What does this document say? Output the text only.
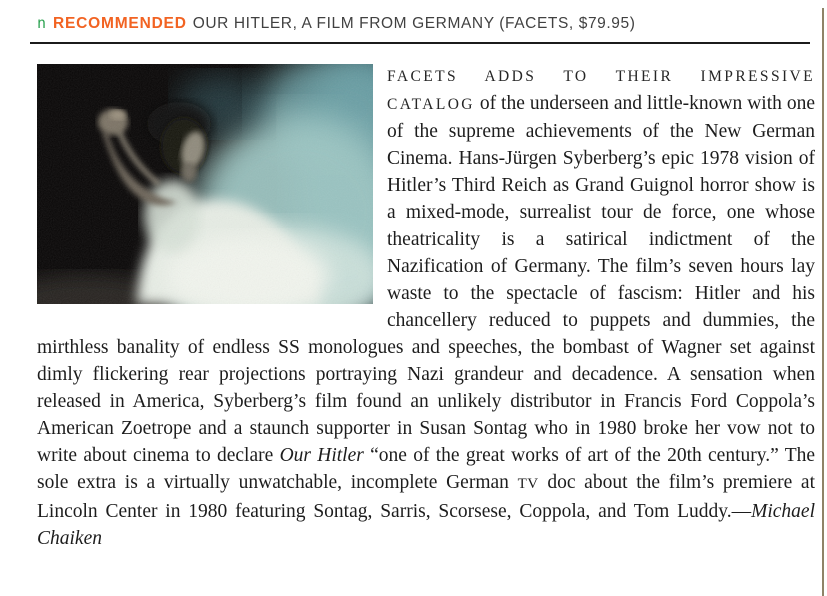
n RECOMMENDED OUR HITLER, A FILM FROM GERMANY (FACETS, $79.95)

FACETS ADDS TO THEIR IMPRESSIVE CATALOG of the underseen and little-known with one of the supreme achievements of the New German Cinema. Hans-Jürgen Syberberg’s epic 1978 vision of Hitler’s Third Reich as Grand Guignol horror show is a mixed-mode, surrealist tour de force, one whose theatricality is a satirical indictment of the Nazification of Germany. The film’s seven hours lay waste to the spectacle of fascism: Hitler and his chancellery reduced to puppets and dummies, the mirthless banality of endless SS monologues and speeches, the bombast of Wagner set against dimly flickering rear projections portraying Nazi grandeur and decadence. A sensation when released in America, Syberberg’s film found an unlikely distributor in Francis Ford Coppola’s American Zoetrope and a staunch supporter in Susan Sontag who in 1980 broke her vow not to write about cinema to declare Our Hitler “one of the great works of art of the 20th century.” The sole extra is a virtually unwatchable, incomplete German TV doc about the film’s premiere at Lincoln Center in 1980 featuring Sontag, Sarris, Scorsese, Coppola, and Tom Luddy.—Michael Chaiken
